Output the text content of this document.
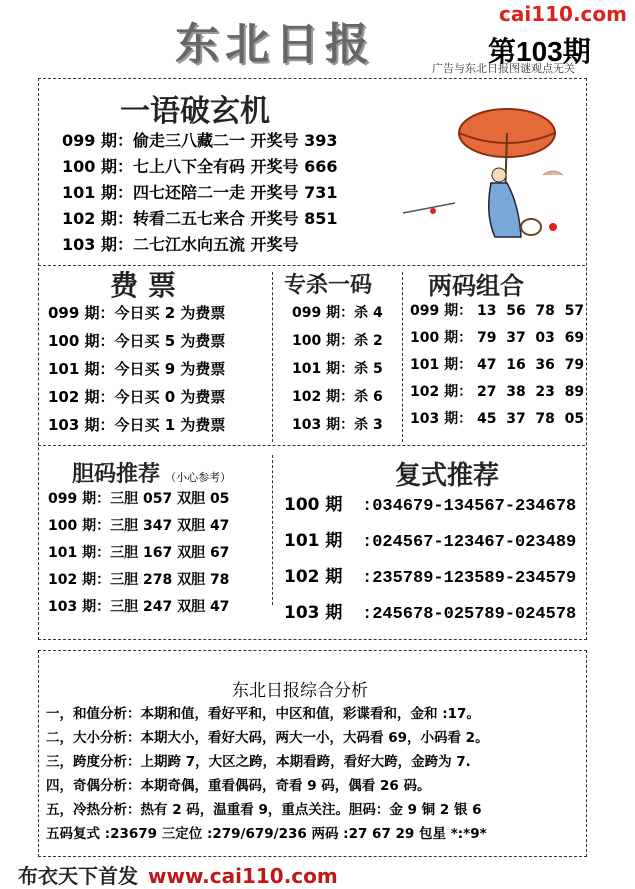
东北日报
cai110.com
第103期
广告与东北日报图谜观点无关
一语破玄机
099 期：偷走三八藏二一 开奖号 393
100 期：七上八下全有码 开奖号 666
101 期：四七还陪二一走 开奖号 731
102 期：转看二五七来合 开奖号 851
103 期：二七江水向五流 开奖号
费票
099 期：今日买 2 为费票
100 期：今日买 5 为费票
101 期：今日买 9 为费票
102 期：今日买 0 为费票
103 期：今日买 1 为费票
专杀一码
099 期：杀 4
100 期：杀 2
101 期：杀 5
102 期：杀 6
103 期：杀 3
两码组合
099 期： 13  56  78  57
100 期： 79  37  03  69
101 期： 47  16  36  79
102 期： 27  38  23  89
103 期： 45  37  78  05
胆码推荐 （小心参考）
099 期：三胆 057 双胆 05
100 期：三胆 347 双胆 47
101 期：三胆 167 双胆 67
102 期：三胆 278 双胆 78
103 期：三胆 247 双胆 47
复式推荐
100 期 :034679-134567-234678
101 期 :024567-123467-023489
102 期 :235789-123589-234579
103 期 :245678-025789-024578
东北日报综合分析
一，和值分析：本期和值，看好平和，中区和值，彩谍看和，金和 :17。
二，大小分析：本期大小，看好大码，两大一小，大码看 69，小码看 2。
三，跨度分析：上期跨 7，大区之跨，本期看跨，看好大跨，金跨为 7.
四，奇偶分析：本期奇偶，重看偶码，奇看 9 码，偶看 26 码。
五，冷热分析：热有 2 码，温重看 9，重点关注。胆码：金 9 铜 2 银 6
五码复式 :23679 三定位 :279/679/236 两码 :27 67 29 包星 *:*9*
布衣天下首发 www.cai110.com
